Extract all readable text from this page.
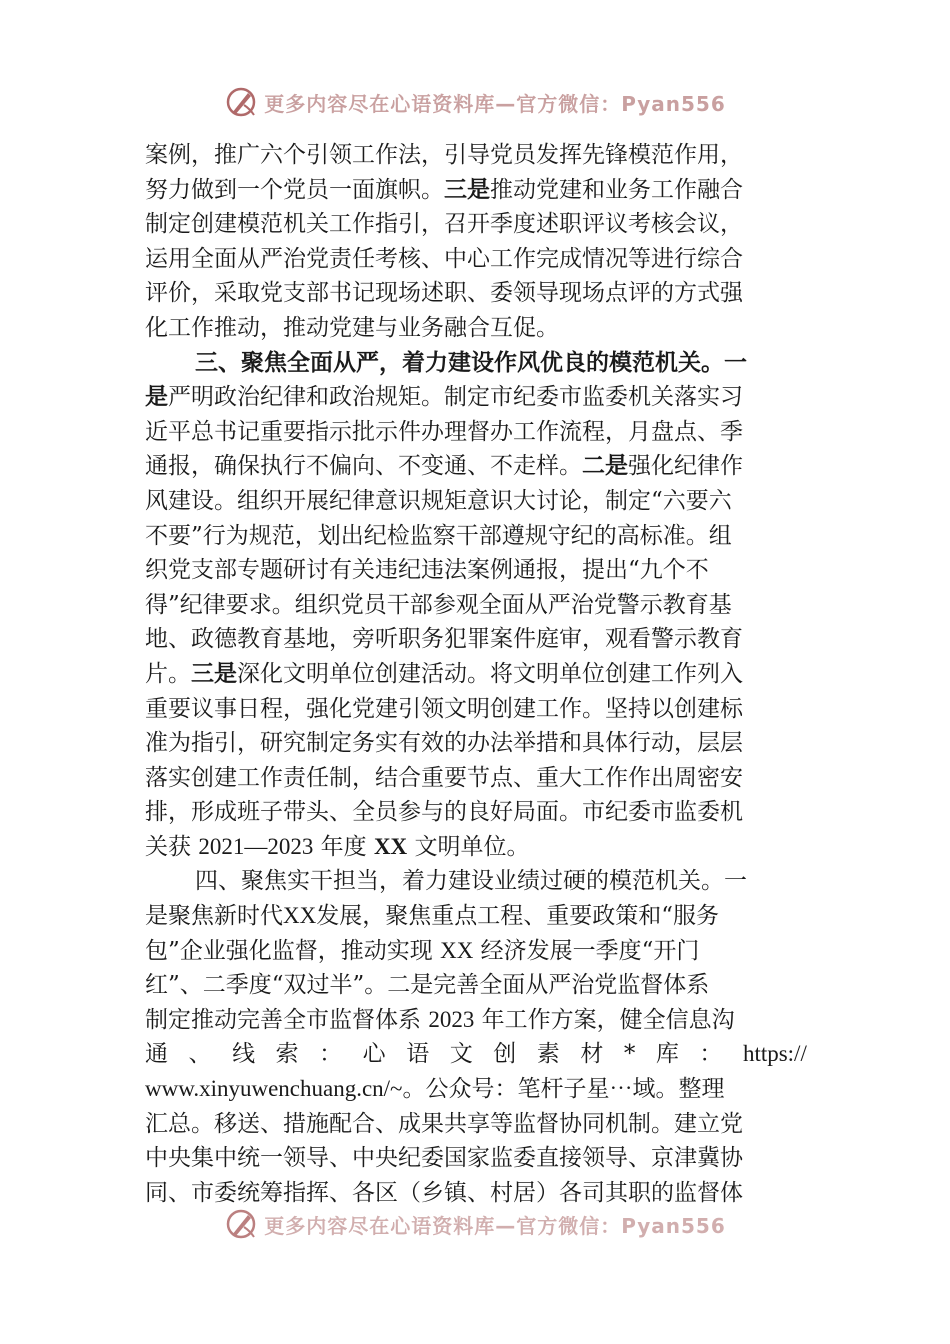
更多内容尽在心语资料库—官方微信：Pyan556
案例，推广六个引领工作法，引导党员发挥先锋模范作用，
努力做到一个党员一面旗帜。三是推动党建和业务工作融合
制定创建模范机关工作指引，召开季度述职评议考核会议，
运用全面从严治党责任考核、中心工作完成情况等进行综合
评价，采取党支部书记现场述职、委领导现场点评的方式强
化工作推动，推动党建与业务融合互促。
三、聚焦全面从严，着力建设作风优良的模范机关。一
是严明政治纪律和政治规矩。制定市纪委市监委机关落实习
近平总书记重要指示批示件办理督办工作流程，月盘点、季
通报，确保执行不偏向、不变通、不走样。二是强化纪律作
风建设。组织开展纪律意识规矩意识大讨论，制定“六要六
不要”行为规范，划出纪检监察干部遵规守纪的高标准。组
织党支部专题研讨有关违纪违法案例通报，提出“九个不
得”纪律要求。组织党员干部参观全面从严治党警示教育基
地、政德教育基地，旁听职务犯罪案件庭审，观看警示教育
片。三是深化文明单位创建活动。将文明单位创建工作列入
重要议事日程，强化党建引领文明创建工作。坚持以创建标
准为指引，研究制定务实有效的办法举措和具体行动，层层
落实创建工作责任制，结合重要节点、重大工作作出周密安
排，形成班子带头、全员参与的良好局面。市纪委市监委机
关获 2021—2023 年度 XX 文明单位。
四、聚焦实干担当，着力建设业绩过硬的模范机关。一
是聚焦新时代XX发展，聚焦重点工程、重要政策和“服务
包”企业强化监督，推动实现 XX 经济发展一季度“开门
红”、二季度“双过半”。二是完善全面从严治党监督体系
制定推动完善全市监督体系 2023 年工作方案，健全信息沟
通 、 线 索 ： 心 语 文 创 素 材 * 库 ： https://
www.xinyuwenchuang.cn/~。公众号：笔杆子星⋯域。整理
汇总。移送、措施配合、成果共享等监督协同机制。建立党
中央集中统一领导、中央纪委国家监委直接领导、京津冀协
同、市委统筹指挥、各区（乡镇、村居）各司其职的监督体
更多内容尽在心语资料库—官方微信：Pyan556
